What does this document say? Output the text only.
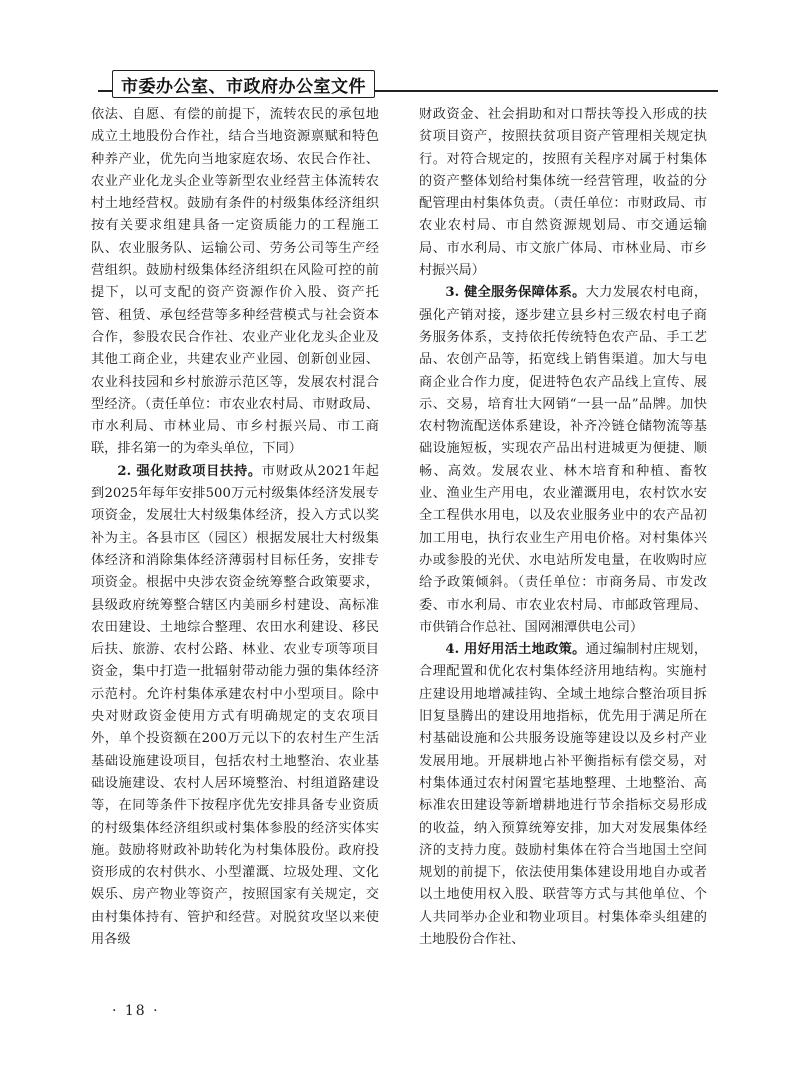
市委办公室、市政府办公室文件

依法、自愿、有偿的前提下，流转农民的承包地成立土地股份合作社，结合当地资源禀赋和特色种养产业，优先向当地家庭农场、农民合作社、农业产业化龙头企业等新型农业经营主体流转农村土地经营权。鼓励有条件的村级集体经济组织按有关要求组建具备一定资质能力的工程施工队、农业服务队、运输公司、劳务公司等生产经营组织。鼓励村级集体经济组织在风险可控的前提下，以可支配的资产资源作价入股、资产托管、租赁、承包经营等多种经营模式与社会资本合作，参股农民合作社、农业产业化龙头企业及其他工商企业，共建农业产业园、创新创业园、农业科技园和乡村旅游示范区等，发展农村混合型经济。（责任单位：市农业农村局、市财政局、市水利局、市林业局、市乡村振兴局、市工商联，排名第一的为牵头单位，下同）

2. 强化财政项目扶持。市财政从2021年起到2025年每年安排500万元村级集体经济发展专项资金，发展壮大村级集体经济，投入方式以奖补为主。各县市区（园区）根据发展壮大村级集体经济和消除集体经济薄弱村目标任务，安排专项资金。根据中央涉农资金统筹整合政策要求，县级政府统筹整合辖区内美丽乡村建设、高标准农田建设、土地综合整理、农田水利建设、移民后扶、旅游、农村公路、林业、农业专项等项目资金，集中打造一批辐射带动能力强的集体经济示范村。允许村集体承建农村中小型项目。除中央对财政资金使用方式有明确规定的支农项目外，单个投资额在200万元以下的农村生产生活基础设施建设项目，包括农村土地整治、农业基础设施建设、农村人居环境整治、村组道路建设等，在同等条件下按程序优先安排具备专业资质的村级集体经济组织或村集体参股的经济实体实施。鼓励将财政补助转化为村集体股份。政府投资形成的农村供水、小型灌溉、垃圾处理、文化娱乐、房产物业等资产，按照国家有关规定，交由村集体持有、管护和经营。对脱贫攻坚以来使用各级

财政资金、社会捐助和对口帮扶等投入形成的扶贫项目资产，按照扶贫项目资产管理相关规定执行。对符合规定的，按照有关程序对属于村集体的资产整体划给村集体统一经营管理，收益的分配管理由村集体负责。（责任单位：市财政局、市农业农村局、市自然资源规划局、市交通运输局、市水利局、市文旅广体局、市林业局、市乡村振兴局）

3. 健全服务保障体系。大力发展农村电商，强化产销对接，逐步建立县乡村三级农村电子商务服务体系，支持依托传统特色农产品、手工艺品、农创产品等，拓宽线上销售渠道。加大与电商企业合作力度，促进特色农产品线上宣传、展示、交易，培育壮大网销“一县一品”品牌。加快农村物流配送体系建设，补齐冷链仓储物流等基础设施短板，实现农产品出村进城更为便捷、顺畅、高效。发展农业、林木培育和种植、畜牧业、渔业生产用电，农业灌溉用电，农村饮水安全工程供水用电，以及农业服务业中的农产品初加工用电，执行农业生产用电价格。对村集体兴办或参股的光伏、水电站所发电量，在收购时应给予政策倾斜。（责任单位：市商务局、市发改委、市水利局、市农业农村局、市邮政管理局、市供销合作总社、国网湘潭供电公司）

4. 用好用活土地政策。通过编制村庄规划，合理配置和优化农村集体经济用地结构。实施村庄建设用地增减挂钩、全域土地综合整治项目拆旧复垦腾出的建设用地指标，优先用于满足所在村基础设施和公共服务设施等建设以及乡村产业发展用地。开展耕地占补平衡指标有偿交易，对村集体通过农村闲置宅基地整理、土地整治、高标准农田建设等新增耕地进行节余指标交易形成的收益，纳入预算统筹安排，加大对发展集体经济的支持力度。鼓励村集体在符合当地国土空间规划的前提下，依法使用集体建设用地自办或者以土地使用权入股、联营等方式与其他单位、个人共同举办企业和物业项目。村集体牵头组建的土地股份合作社、

· 18 ·
